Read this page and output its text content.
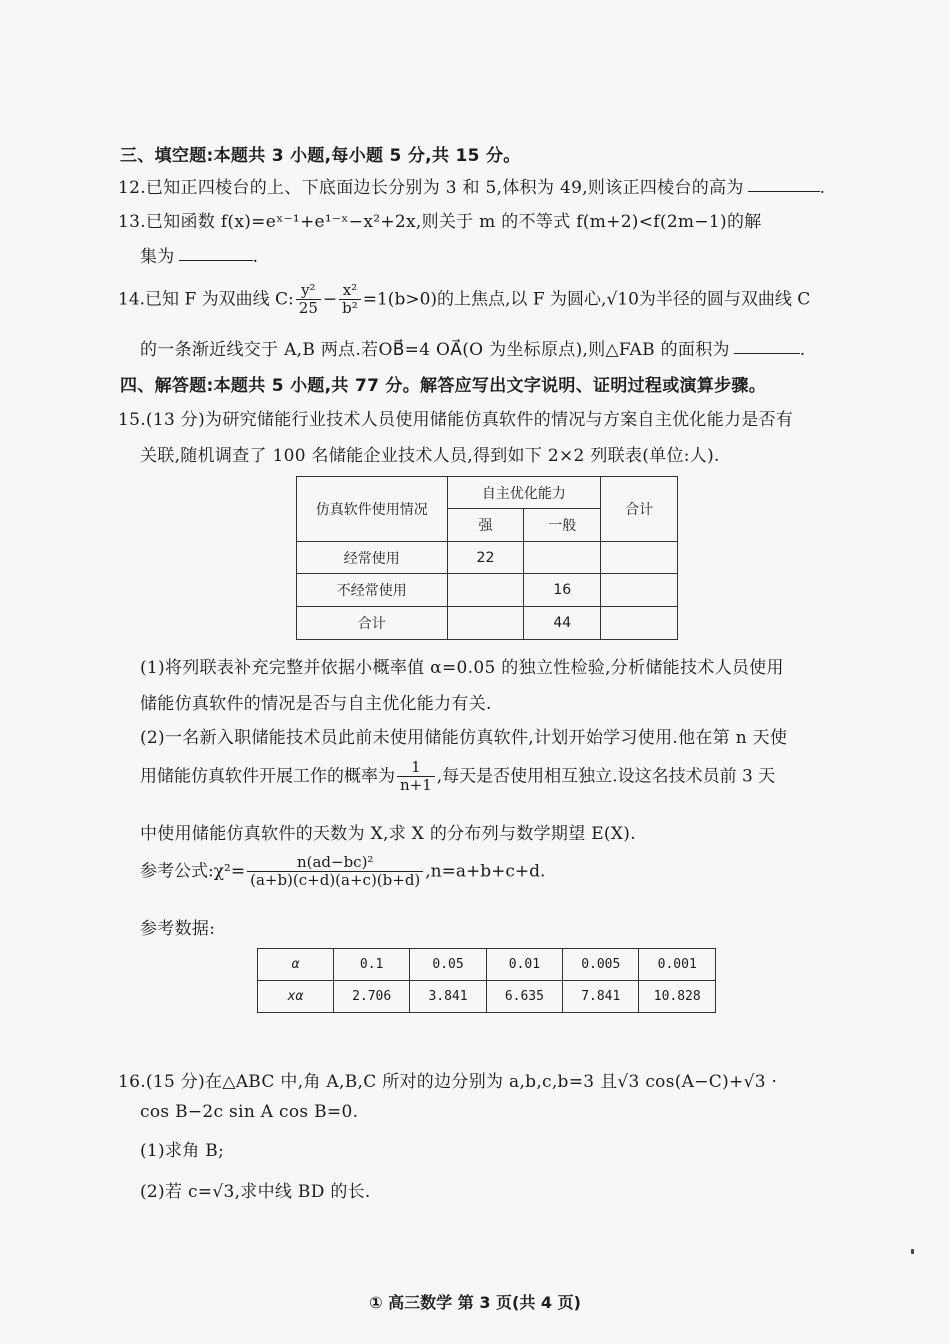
三、填空题:本题共 3 小题,每小题 5 分,共 15 分。
12.已知正四棱台的上、下底面边长分别为 3 和 5,体积为 49,则该正四棱台的高为	.
13.已知函数 f(x)=eˣ⁻¹+e¹⁻ˣ−x²+2x,则关于 m 的不等式 f(m+2)<f(2m−1)的解
集为	.
14.已知 F 为双曲线 C: $\frac{\text{y²}}{25} - \frac{\text{x²}}{\text{b²}} =1(b>0)$的上焦点,以 F 为圆心,√10为半径的圆与双曲线 C
的一条渐近线交于 A,B 两点.若OB⃗=4 OA⃗(O 为坐标原点),则△FAB 的面积为	.
四、解答题:本题共 5 小题,共 77 分。解答应写出文字说明、证明过程或演算步骤。
15.(13 分)为研究储能行业技术人员使用储能仿真软件的情况与方案自主优化能力是否有
关联,随机调查了 100 名储能企业技术人员,得到如下 2×2 列联表(单位:人).
仿真软件使用情况	自主优化能力		合计
	强	一般	
经常使用	22		
不经常使用		16	
合计		44	
(1)将列联表补充完整并依据小概率值 α=0.05 的独立性检验,分析储能技术人员使用
储能仿真软件的情况是否与自主优化能力有关.
(2)一名新入职储能技术员此前未使用储能仿真软件,计划开始学习使用.他在第 n 天使
用储能仿真软件开展工作的概率为 $\frac{1}{n+1}$ ,每天是否使用相互独立.设这名技术员前 3 天
中使用储能仿真软件的天数为 X,求 X 的分布列与数学期望 E(X).
参考公式:χ²= $\frac{\text{n(ad−bc)²}}{(a+b)(c+d)(a+c)(b+d)} ,n=a+b+c+d$.
参考数据:
α	0.1	0.05	0.01	0.005	0.001
xα	2.706	3.841	6.635	7.841	10.828
16.(15 分)在△ABC 中,角 A,B,C 所对的边分别为 a,b,c,b=3 且√3 cos(A−C)+√3 ·
cos B−2c sin A cos B=0.
(1)求角 B;
(2)若 c=√3,求中线 BD 的长.
① 高三数学 第 3 页(共 4 页)
